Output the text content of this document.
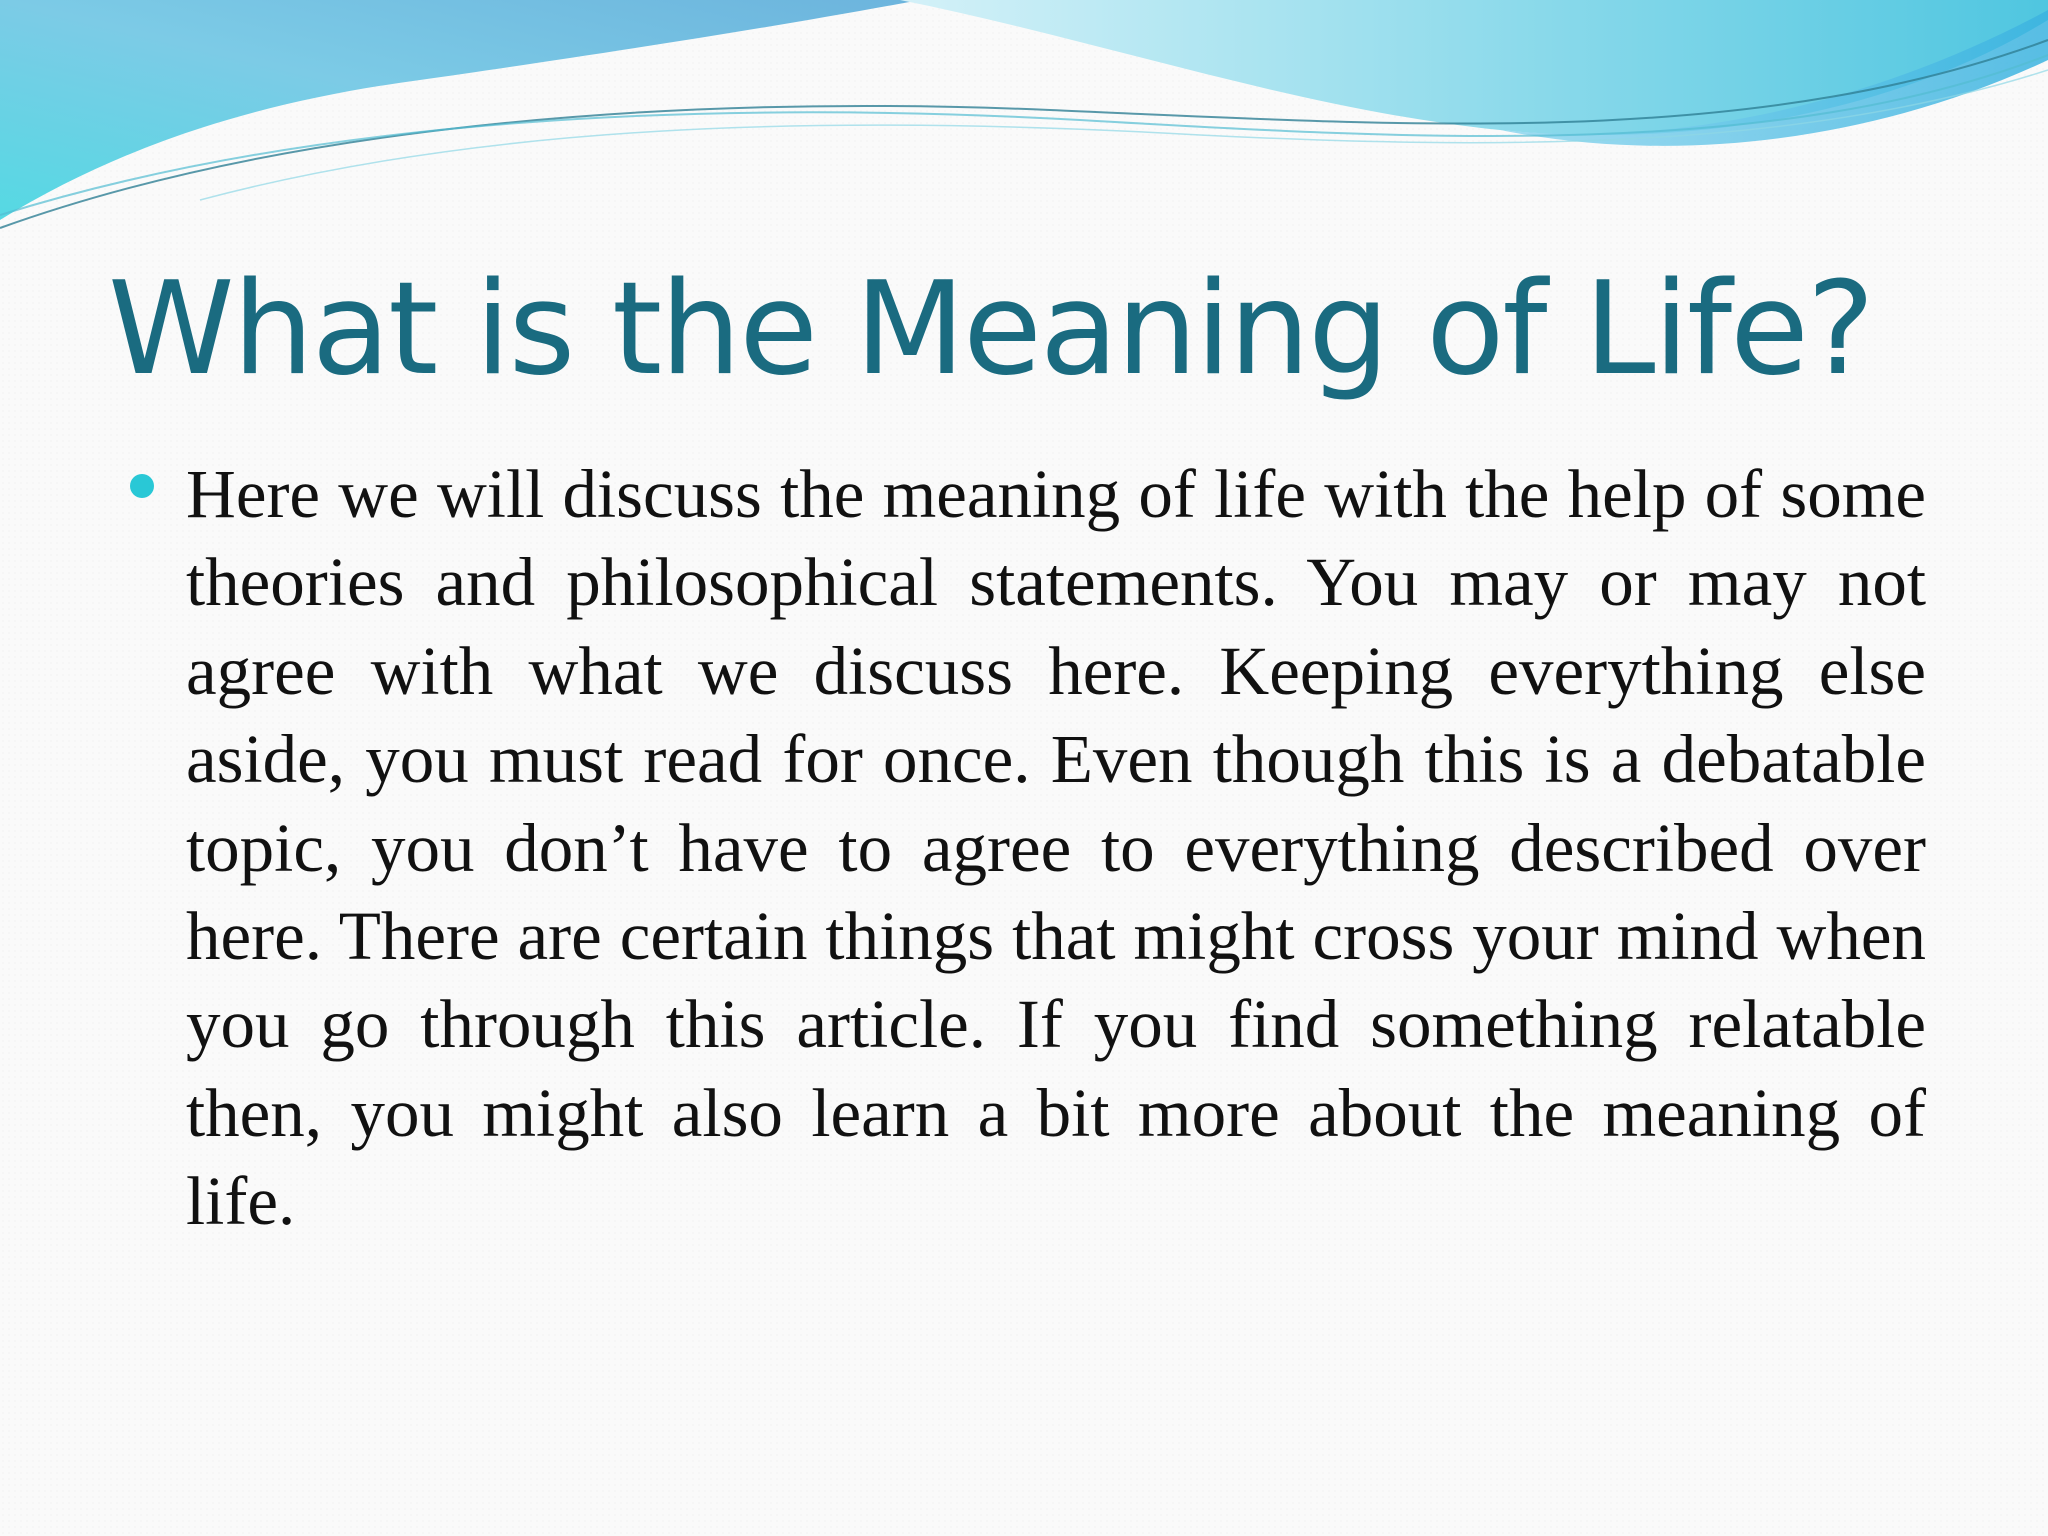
What is the Meaning of Life?

Here we will discuss the meaning of life with the help of some theories and philosophical statements. You may or may not agree with what we discuss here. Keeping everything else aside, you must read for once. Even though this is a debatable topic, you don’t have to agree to everything described over here. There are certain things that might cross your mind when you go through this article. If you find something relatable then, you might also learn a bit more about the meaning of life.
